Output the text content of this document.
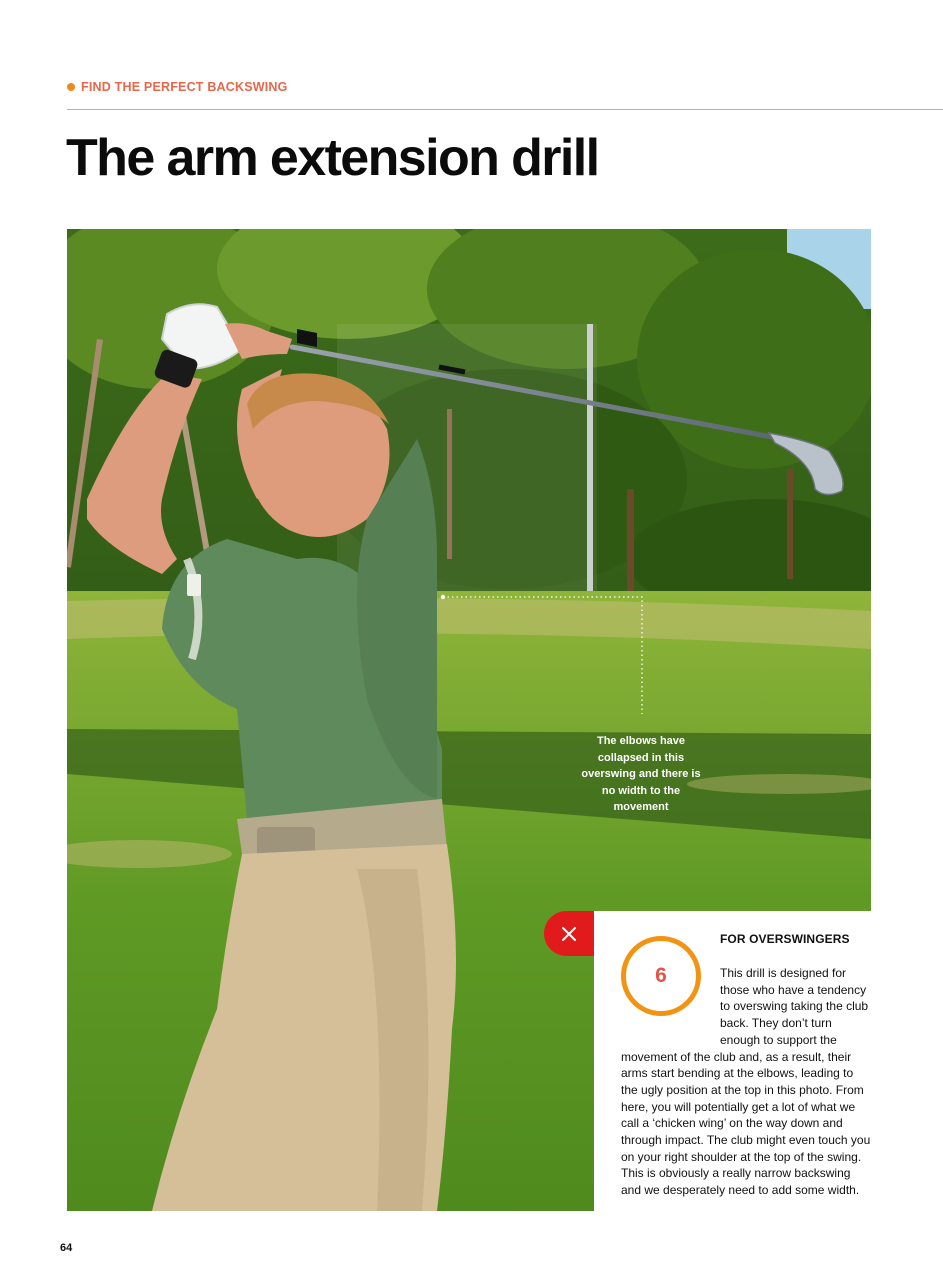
FIND THE PERFECT BACKSWING
The arm extension drill
The elbows have collapsed in this overswing and there is no width to the movement
6
FOR OVERSWINGERS
This drill is designed for those who have a tendency to overswing taking the club back. They don’t turn enough to support the movement of the club and, as a result, their arms start bending at the elbows, leading to the ugly position at the top in this photo. From here, you will potentially get a lot of what we call a ‘chicken wing’ on the way down and through impact. The club might even touch you on your right shoulder at the top of the swing. This is obviously a really narrow backswing and we desperately need to add some width.
64
